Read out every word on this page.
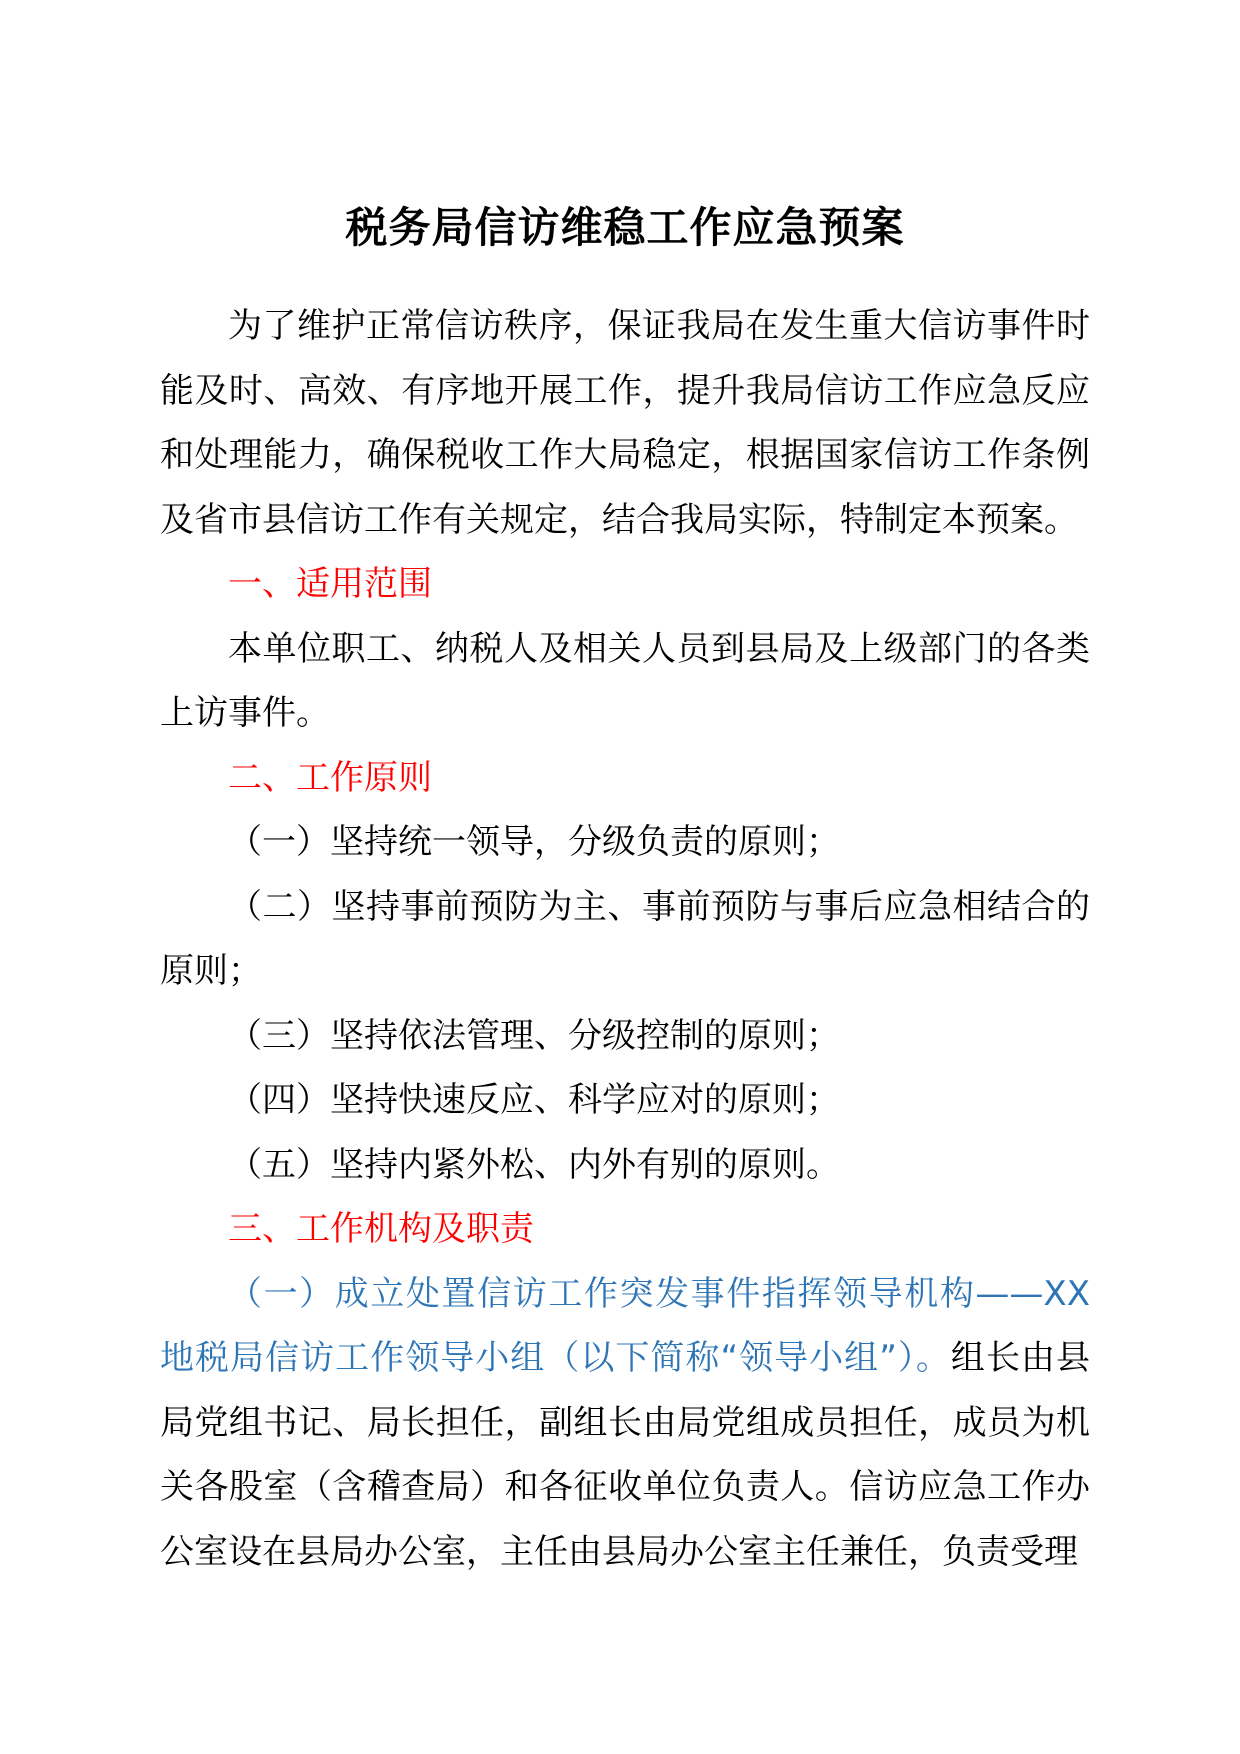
税务局信访维稳工作应急预案

为了维护正常信访秩序，保证我局在发生重大信访事件时能及时、高效、有序地开展工作，提升我局信访工作应急反应和处理能力，确保税收工作大局稳定，根据国家信访工作条例及省市县信访工作有关规定，结合我局实际，特制定本预案。

一、适用范围

本单位职工、纳税人及相关人员到县局及上级部门的各类上访事件。

二、工作原则

（一）坚持统一领导，分级负责的原则；

（二）坚持事前预防为主、事前预防与事后应急相结合的原则；

（三）坚持依法管理、分级控制的原则；

（四）坚持快速反应、科学应对的原则；

（五）坚持内紧外松、内外有别的原则。

三、工作机构及职责

（一）成立处置信访工作突发事件指挥领导机构——XX地税局信访工作领导小组（以下简称“领导小组”）。组长由县局党组书记、局长担任，副组长由局党组成员担任，成员为机关各股室（含稽查局）和各征收单位负责人。信访应急工作办公室设在县局办公室，主任由县局办公室主任兼任，负责受理
